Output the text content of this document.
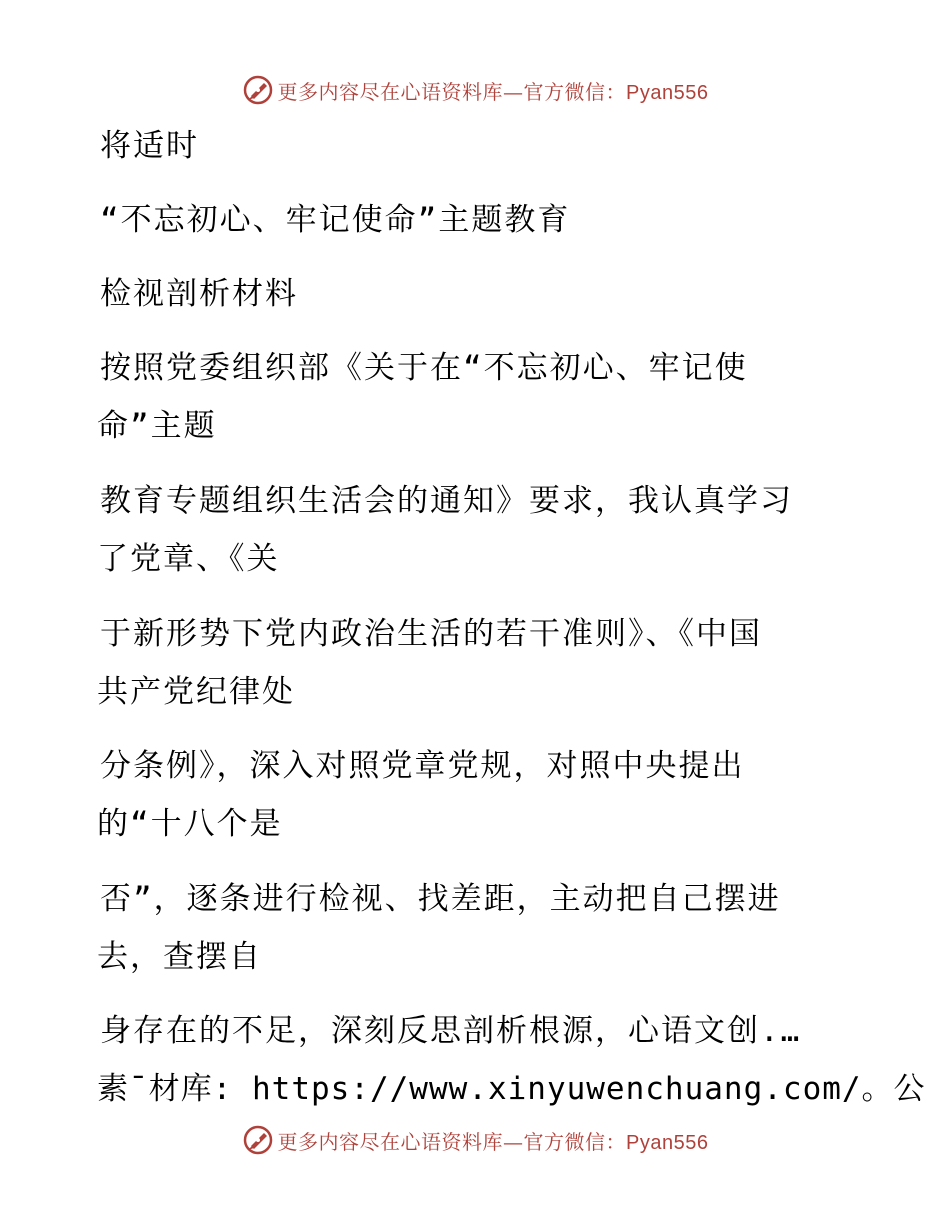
更多内容尽在心语资料库—官方微信：Pyan556
将适时
“不忘初心、牢记使命”主题教育
检视剖析材料
按照党委组织部《关于在“不忘初心、牢记使
命”主题
教育专题组织生活会的通知》要求，我认真学习
了党章、《关
于新形势下党内政治生活的若干准则》、《中国
共产党纪律处
分条例》，深入对照党章党规，对照中央提出
的“十八个是
否”，逐条进行检视、找差距，主动把自己摆进
去，查摆自
身存在的不足，深刻反思剖析根源，心语文创.…
素¯材库: https://www.xinyuwenchuang.com/。公
更多内容尽在心语资料库—官方微信：Pyan556
